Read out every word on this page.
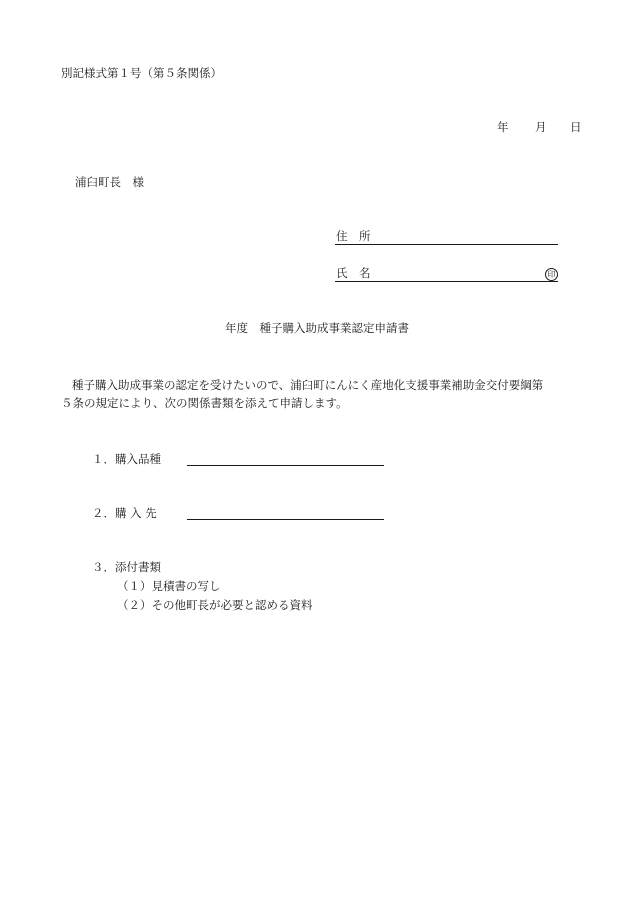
別記様式第１号（第５条関係）
年 月 日
浦臼町長　様
住　所
氏　名	印
年度　種子購入助成事業認定申請書
種子購入助成事業の認定を受けたいので、浦臼町にんにく産地化支援事業補助金交付要綱第
５条の規定により、次の関係書類を添えて申請します。
１．購入品種
２．購 入 先
３．添付書類
（１）見積書の写し
（２）その他町長が必要と認める資料
